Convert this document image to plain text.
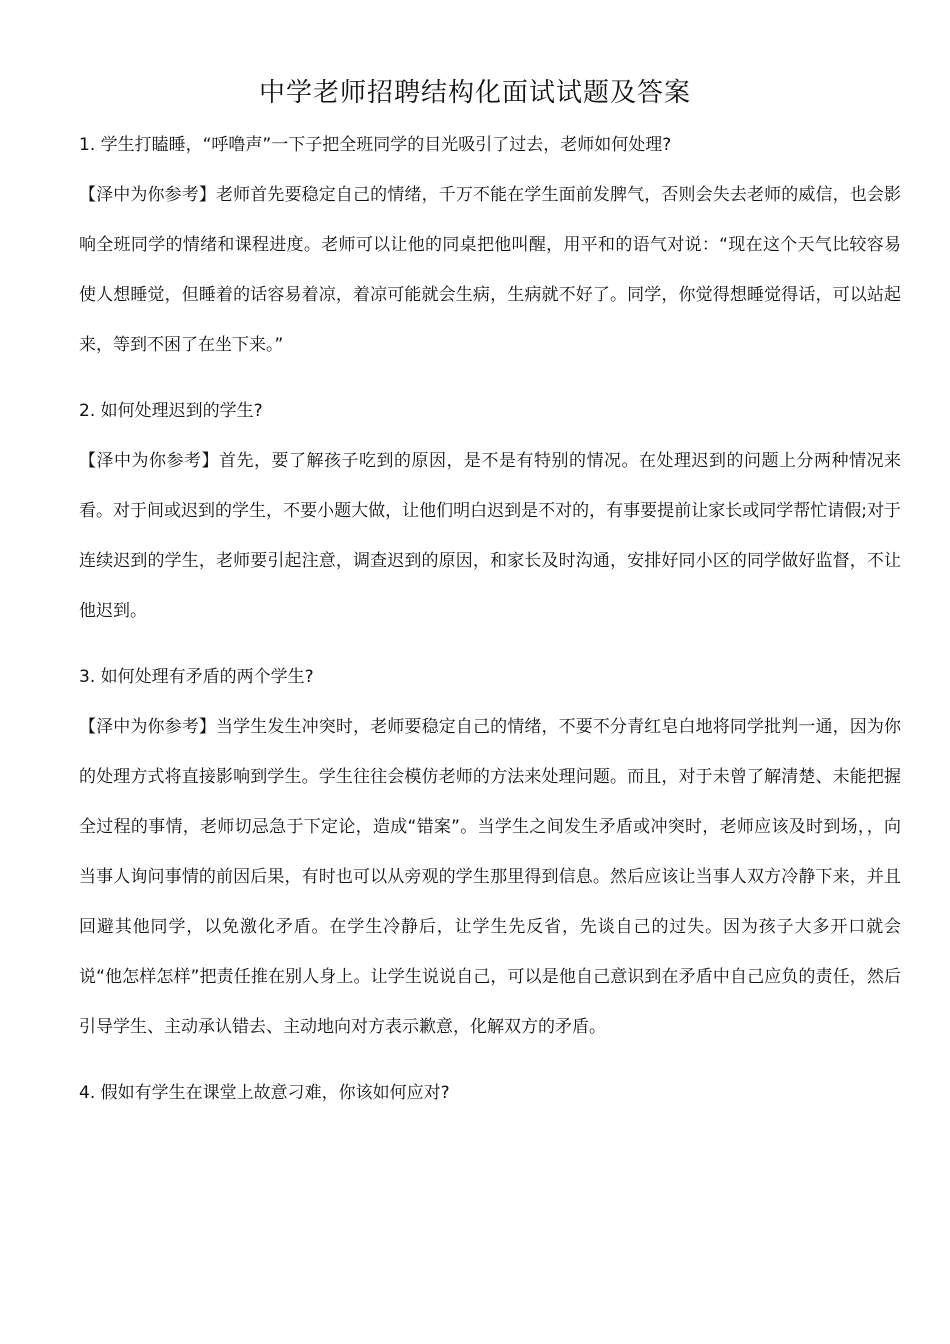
中学老师招聘结构化面试试题及答案

1. 学生打瞌睡，“呼噜声”一下子把全班同学的目光吸引了过去，老师如何处理?

【泽中为你参考】老师首先要稳定自己的情绪，千万不能在学生面前发脾气，否则会失去老师的威信，也会影响全班同学的情绪和课程进度。老师可以让他的同桌把他叫醒，用平和的语气对说：“现在这个天气比较容易使人想睡觉，但睡着的话容易着凉，着凉可能就会生病，生病就不好了。同学，你觉得想睡觉得话，可以站起来，等到不困了在坐下来。”

2. 如何处理迟到的学生?

【泽中为你参考】首先，要了解孩子吃到的原因，是不是有特别的情况。在处理迟到的问题上分两种情况来看。对于间或迟到的学生，不要小题大做，让他们明白迟到是不对的，有事要提前让家长或同学帮忙请假;对于连续迟到的学生，老师要引起注意，调查迟到的原因，和家长及时沟通，安排好同小区的同学做好监督，不让他迟到。

3. 如何处理有矛盾的两个学生?

【泽中为你参考】当学生发生冲突时，老师要稳定自己的情绪，不要不分青红皂白地将同学批判一通，因为你的处理方式将直接影响到学生。学生往往会模仿老师的方法来处理问题。而且，对于未曾了解清楚、未能把握全过程的事情，老师切忌急于下定论，造成“错案”。当学生之间发生矛盾或冲突时，老师应该及时到场，，向当事人询问事情的前因后果，有时也可以从旁观的学生那里得到信息。然后应该让当事人双方冷静下来，并且回避其他同学，以免激化矛盾。在学生冷静后，让学生先反省，先谈自己的过失。因为孩子大多开口就会说“他怎样怎样”把责任推在别人身上。让学生说说自己，可以是他自己意识到在矛盾中自己应负的责任，然后引导学生、主动承认错去、主动地向对方表示歉意，化解双方的矛盾。

4. 假如有学生在课堂上故意刁难，你该如何应对?
